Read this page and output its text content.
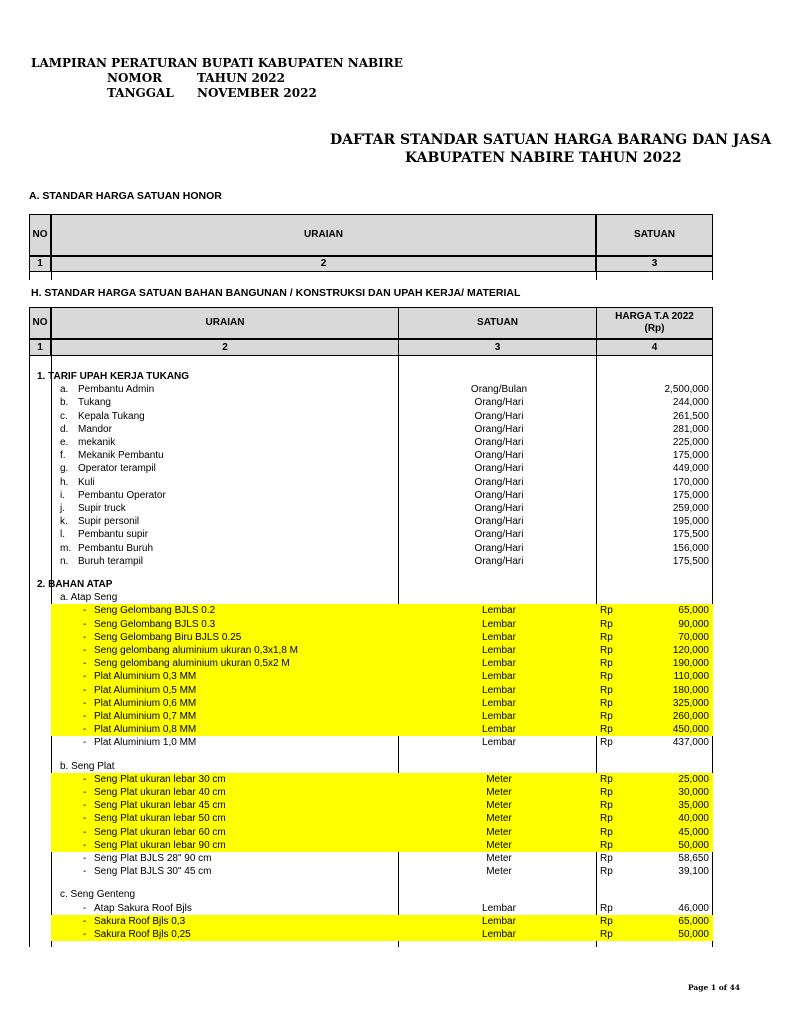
LAMPIRAN PERATURAN BUPATI KABUPATEN NABIRE
NOMOR	TAHUN 2022
TANGGAL NOVEMBER 2022
DAFTAR STANDAR SATUAN HARGA BARANG DAN JASA
KABUPATEN NABIRE TAHUN 2022
A. STANDAR HARGA SATUAN HONOR
NO	URAIAN	SATUAN
1	2	3
H. STANDAR HARGA SATUAN BAHAN BANGUNAN / KONSTRUKSI DAN UPAH KERJA/ MATERIAL
NO	URAIAN	SATUAN
HARGA T.A 2022
(Rp)
1	2	3	4
1. TARIF UPAH KERJA TUKANG
a. Pembantu Admin	Orang/Bulan	2,500,000
b. Tukang	Orang/Hari	244,000
c. Kepala Tukang	Orang/Hari	261,500
d. Mandor	Orang/Hari	281,000
e. mekanik	Orang/Hari	225,000
f. Mekanik Pembantu	Orang/Hari	175,000
g. Operator terampil	Orang/Hari	449,000
h. Kuli	Orang/Hari	170,000
i. Pembantu Operator	Orang/Hari	175,000
j. Supir truck	Orang/Hari	259,000
k. Supir personil	Orang/Hari	195,000
l. Pembantu supir	Orang/Hari	175,500
m. Pembantu Buruh	Orang/Hari	156,000
n. Buruh terampil	Orang/Hari	175,500
2. BAHAN ATAP
a. Atap Seng
- Seng Gelombang BJLS 0.2	Lembar	Rp	65,000
- Seng Gelombang BJLS 0.3	Lembar	Rp	90,000
- Seng Gelombang Biru BJLS 0.25	Lembar	Rp	70,000
- Seng gelombang aluminium ukuran 0,3x1,8 M	Lembar	Rp	120,000
- Seng gelombang aluminium ukuran 0,5x2 M	Lembar	Rp	190,000
- Plat Aluminium 0,3 MM	Lembar	Rp	110,000
- Plat Aluminium 0,5 MM	Lembar	Rp	180,000
- Plat Aluminium 0,6 MM	Lembar	Rp	325,000
- Plat Aluminium 0,7 MM	Lembar	Rp	260,000
- Plat Aluminium 0,8 MM	Lembar	Rp	450,000
- Plat Aluminium 1,0 MM	Lembar	Rp	437,000
b. Seng Plat
- Seng Plat ukuran lebar 30 cm	Meter	Rp	25,000
- Seng Plat ukuran lebar 40 cm	Meter	Rp	30,000
- Seng Plat ukuran lebar 45 cm	Meter	Rp	35,000
- Seng Plat ukuran lebar 50 cm	Meter	Rp	40,000
- Seng Plat ukuran lebar 60 cm	Meter	Rp	45,000
- Seng Plat ukuran lebar 90 cm	Meter	Rp	50,000
- Seng Plat BJLS 28" 90 cm	Meter	Rp	58,650
- Seng Plat BJLS 30" 45 cm	Meter	Rp	39,100
c. Seng Genteng
- Atap Sakura Roof Bjls	Lembar	Rp	46,000
- Sakura Roof Bjls 0,3	Lembar	Rp	65,000
- Sakura Roof Bjls 0,25	Lembar	Rp	50,000
Page 1 of 44
